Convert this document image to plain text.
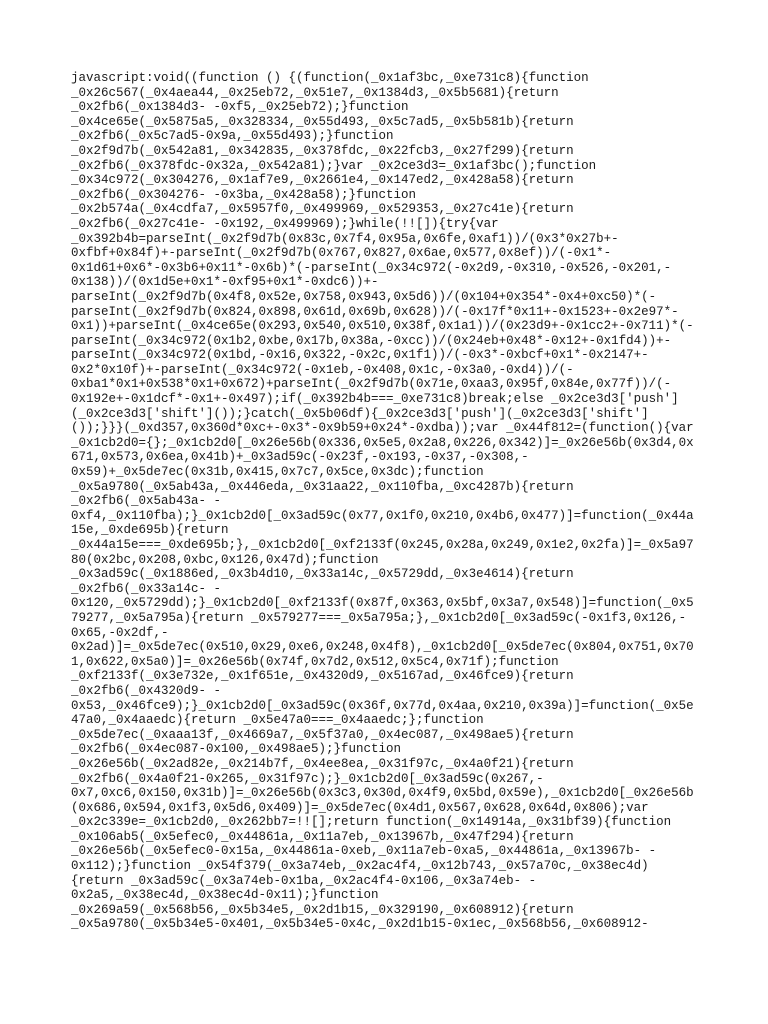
javascript:void((function () {(function(_0x1af3bc,_0xe731c8){function
_0x26c567(_0x4aea44,_0x25eb72,_0x51e7,_0x1384d3,_0x5b5681){return
_0x2fb6(_0x1384d3- -0xf5,_0x25eb72);}function
_0x4ce65e(_0x5875a5,_0x328334,_0x55d493,_0x5c7ad5,_0x5b581b){return
_0x2fb6(_0x5c7ad5-0x9a,_0x55d493);}function
_0x2f9d7b(_0x542a81,_0x342835,_0x378fdc,_0x22fcb3,_0x27f299){return
_0x2fb6(_0x378fdc-0x32a,_0x542a81);}var _0x2ce3d3=_0x1af3bc();function
_0x34c972(_0x304276,_0x1af7e9,_0x2661e4,_0x147ed2,_0x428a58){return
_0x2fb6(_0x304276- -0x3ba,_0x428a58);}function
_0x2b574a(_0x4cdfa7,_0x5957f0,_0x499969,_0x529353,_0x27c41e){return
_0x2fb6(_0x27c41e- -0x192,_0x499969);}while(!![]){try{var
_0x392b4b=parseInt(_0x2f9d7b(0x83c,0x7f4,0x95a,0x6fe,0xaf1))/(0x3*0x27b+-
0xfbf+0x84f)+-parseInt(_0x2f9d7b(0x767,0x827,0x6ae,0x577,0x8ef))/(-0x1*-
0x1d61+0x6*-0x3b6+0x11*-0x6b)*(-parseInt(_0x34c972(-0x2d9,-0x310,-0x526,-0x201,-
0x138))/(0x1d5e+0x1*-0xf95+0x1*-0xdc6))+-
parseInt(_0x2f9d7b(0x4f8,0x52e,0x758,0x943,0x5d6))/(0x104+0x354*-0x4+0xc50)*(-
parseInt(_0x2f9d7b(0x824,0x898,0x61d,0x69b,0x628))/(-0x17f*0x11+-0x1523+-0x2e97*-
0x1))+parseInt(_0x4ce65e(0x293,0x540,0x510,0x38f,0x1a1))/(0x23d9+-0x1cc2+-0x711)*(-
parseInt(_0x34c972(0x1b2,0xbe,0x17b,0x38a,-0xcc))/(0x24eb+0x48*-0x12+-0x1fd4))+-
parseInt(_0x34c972(0x1bd,-0x16,0x322,-0x2c,0x1f1))/(-0x3*-0xbcf+0x1*-0x2147+-
0x2*0x10f)+-parseInt(_0x34c972(-0x1eb,-0x408,0x1c,-0x3a0,-0xd4))/(-
0xba1*0x1+0x538*0x1+0x672)+parseInt(_0x2f9d7b(0x71e,0xaa3,0x95f,0x84e,0x77f))/(-
0x192e+-0x1dcf*-0x1+-0x497);if(_0x392b4b===_0xe731c8)break;else _0x2ce3d3['push']
(_0x2ce3d3['shift']());}catch(_0x5b06df){_0x2ce3d3['push'](_0x2ce3d3['shift']
());}}}(_0xd357,0x360d*0xc+-0x3*-0x9b59+0x24*-0xdba));var _0x44f812=(function(){var
_0x1cb2d0={};_0x1cb2d0[_0x26e56b(0x336,0x5e5,0x2a8,0x226,0x342)]=_0x26e56b(0x3d4,0x
671,0x573,0x6ea,0x41b)+_0x3ad59c(-0x23f,-0x193,-0x37,-0x308,-
0x59)+_0x5de7ec(0x31b,0x415,0x7c7,0x5ce,0x3dc);function
_0x5a9780(_0x5ab43a,_0x446eda,_0x31aa22,_0x110fba,_0xc4287b){return
_0x2fb6(_0x5ab43a- -
0xf4,_0x110fba);}_0x1cb2d0[_0x3ad59c(0x77,0x1f0,0x210,0x4b6,0x477)]=function(_0x44a
15e,_0xde695b){return
_0x44a15e===_0xde695b;},_0x1cb2d0[_0xf2133f(0x245,0x28a,0x249,0x1e2,0x2fa)]=_0x5a97
80(0x2bc,0x208,0xbc,0x126,0x47d);function
_0x3ad59c(_0x1886ed,_0x3b4d10,_0x33a14c,_0x5729dd,_0x3e4614){return
_0x2fb6(_0x33a14c- -
0x120,_0x5729dd);}_0x1cb2d0[_0xf2133f(0x87f,0x363,0x5bf,0x3a7,0x548)]=function(_0x5
79277,_0x5a795a){return _0x579277===_0x5a795a;},_0x1cb2d0[_0x3ad59c(-0x1f3,0x126,-
0x65,-0x2df,-
0x2ad)]=_0x5de7ec(0x510,0x29,0xe6,0x248,0x4f8),_0x1cb2d0[_0x5de7ec(0x804,0x751,0x70
1,0x622,0x5a0)]=_0x26e56b(0x74f,0x7d2,0x512,0x5c4,0x71f);function
_0xf2133f(_0x3e732e,_0x1f651e,_0x4320d9,_0x5167ad,_0x46fce9){return
_0x2fb6(_0x4320d9- -
0x53,_0x46fce9);}_0x1cb2d0[_0x3ad59c(0x36f,0x77d,0x4aa,0x210,0x39a)]=function(_0x5e
47a0,_0x4aaedc){return _0x5e47a0===_0x4aaedc;};function
_0x5de7ec(_0xaaa13f,_0x4669a7,_0x5f37a0,_0x4ec087,_0x498ae5){return
_0x2fb6(_0x4ec087-0x100,_0x498ae5);}function
_0x26e56b(_0x2ad82e,_0x214b7f,_0x4ee8ea,_0x31f97c,_0x4a0f21){return
_0x2fb6(_0x4a0f21-0x265,_0x31f97c);}_0x1cb2d0[_0x3ad59c(0x267,-
0x7,0xc6,0x150,0x31b)]=_0x26e56b(0x3c3,0x30d,0x4f9,0x5bd,0x59e),_0x1cb2d0[_0x26e56b
(0x686,0x594,0x1f3,0x5d6,0x409)]=_0x5de7ec(0x4d1,0x567,0x628,0x64d,0x806);var
_0x2c339e=_0x1cb2d0,_0x262bb7=!![];return function(_0x14914a,_0x31bf39){function
_0x106ab5(_0x5efec0,_0x44861a,_0x11a7eb,_0x13967b,_0x47f294){return
_0x26e56b(_0x5efec0-0x15a,_0x44861a-0xeb,_0x11a7eb-0xa5,_0x44861a,_0x13967b- -
0x112);}function _0x54f379(_0x3a74eb,_0x2ac4f4,_0x12b743,_0x57a70c,_0x38ec4d)
{return _0x3ad59c(_0x3a74eb-0x1ba,_0x2ac4f4-0x106,_0x3a74eb- -
0x2a5,_0x38ec4d,_0x38ec4d-0x11);}function
_0x269a59(_0x568b56,_0x5b34e5,_0x2d1b15,_0x329190,_0x608912){return
_0x5a9780(_0x5b34e5-0x401,_0x5b34e5-0x4c,_0x2d1b15-0x1ec,_0x568b56,_0x608912-
